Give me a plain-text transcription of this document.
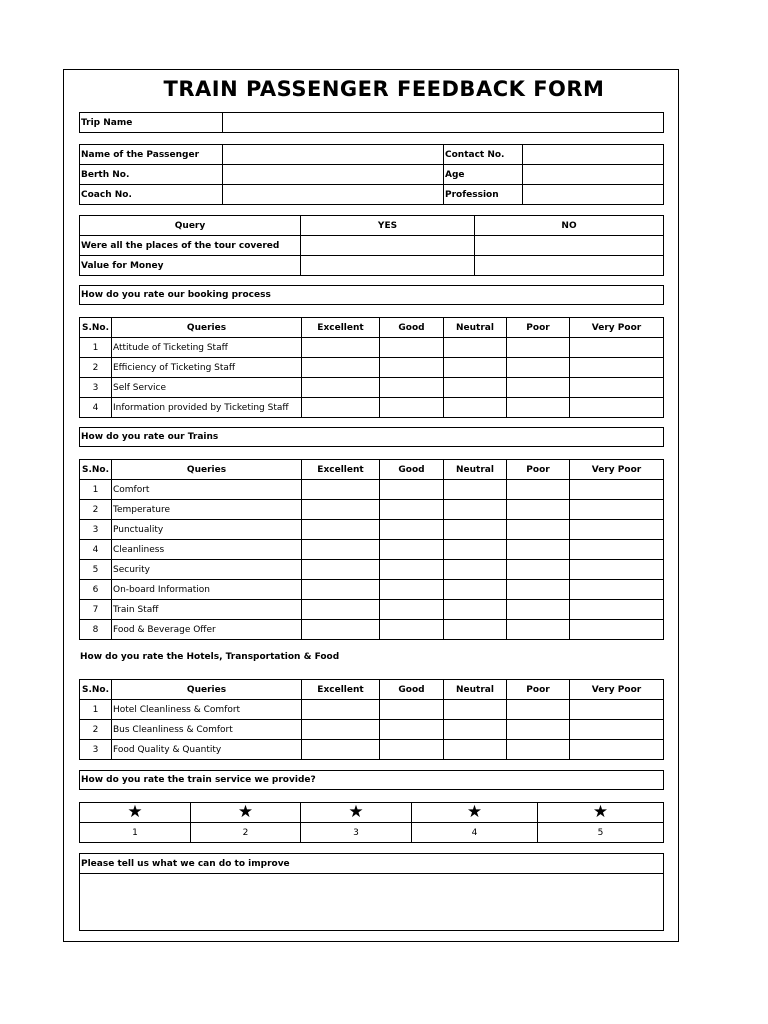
TRAIN PASSENGER FEEDBACK FORM
Trip Name	
Name of the Passenger		Contact No.	
Berth No.		Age	
Coach No.		Profession	
Query	YES	NO
Were all the places of the tour covered		
Value for Money		
How do you rate our booking process
S.No.	Queries	Excellent	Good	Neutral	Poor	Very Poor
1	Attitude of Ticketing Staff					
2	Efficiency of Ticketing Staff					
3	Self Service					
4	Information provided by Ticketing Staff					
How do you rate our Trains
S.No.	Queries	Excellent	Good	Neutral	Poor	Very Poor
1	Comfort					
2	Temperature					
3	Punctuality					
4	Cleanliness					
5	Security					
6	On-board Information					
7	Train Staff					
8	Food & Beverage Offer					
How do you rate the Hotels, Transportation & Food
S.No.	Queries	Excellent	Good	Neutral	Poor	Very Poor
1	Hotel Cleanliness & Comfort					
2	Bus Cleanliness & Comfort					
3	Food Quality & Quantity					
How do you rate the train service we provide?
★	★	★	★	★
1	2	3	4	5
Please tell us what we can do to improve
